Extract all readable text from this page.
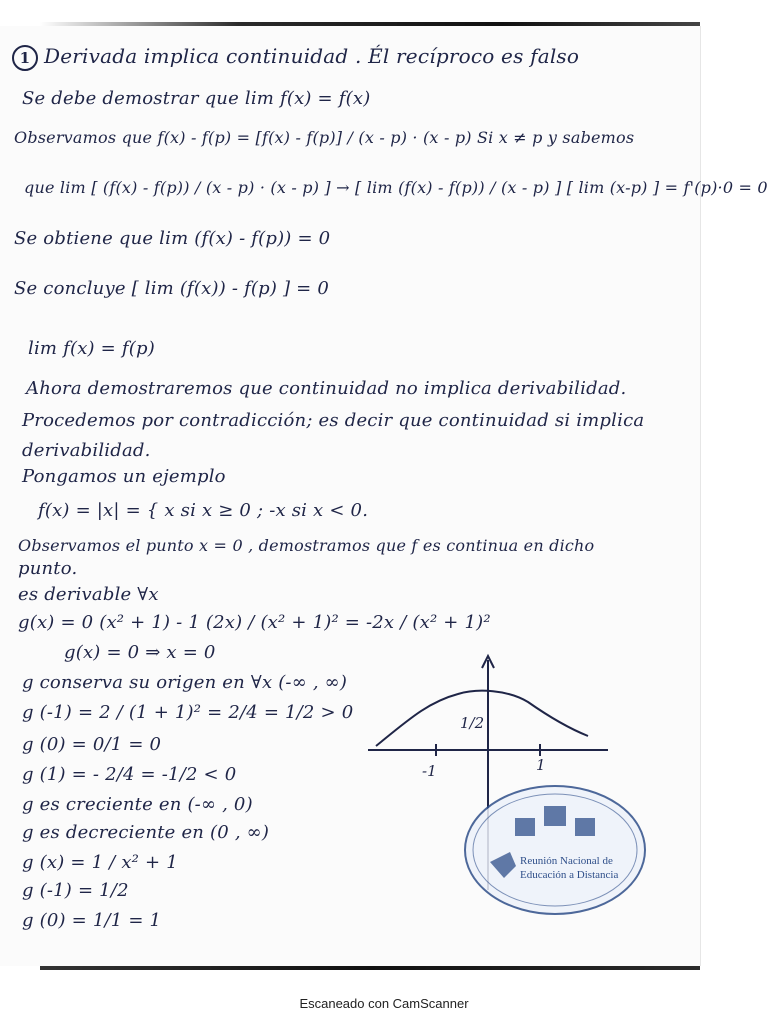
1 Derivada implica continuidad . Él recíproco es falso
Se debe demostrar que lim f(x) = f(x)
Observamos que f(x) - f(p) = [f(x) - f(p)] / (x - p) · (x - p) Si x ≠ p y sabemos
que lim [ (f(x) - f(p)) / (x - p) · (x - p) ] → [ lim (f(x) - f(p)) / (x - p) ] [ lim (x-p) ] = f'(p)·0 = 0
Se obtiene que lim (f(x) - f(p)) = 0
Se concluye [ lim (f(x)) - f(p) ] = 0
lim f(x) = f(p)
Ahora demostraremos que continuidad no implica derivabilidad.
Procedemos por contradicción; es decir que continuidad si implica
derivabilidad.
Pongamos un ejemplo
f(x) = |x| = { x si x ≥ 0 ; -x si x < 0.
Observamos el punto x = 0 , demostramos que f es continua en dicho
punto.
es derivable ∀x
g(x) = 0 (x² + 1) - 1 (2x) / (x² + 1)² = -2x / (x² + 1)²
g(x) = 0 ⇒ x = 0
g conserva su origen en ∀x (-∞ , ∞)
g (-1) = 2 / (1 + 1)² = 2/4 = 1/2 > 0
g (0) = 0/1 = 0
g (1) = - 2/4 = -1/2 < 0
g es creciente en (-∞ , 0)
g es decreciente en (0 , ∞)
g (x) = 1 / x² + 1
g (-1) = 1/2
g (0) = 1/1 = 1
1/2
-1	1
Reunión Nacional de
Educación a Distancia
Escaneado con CamScanner
